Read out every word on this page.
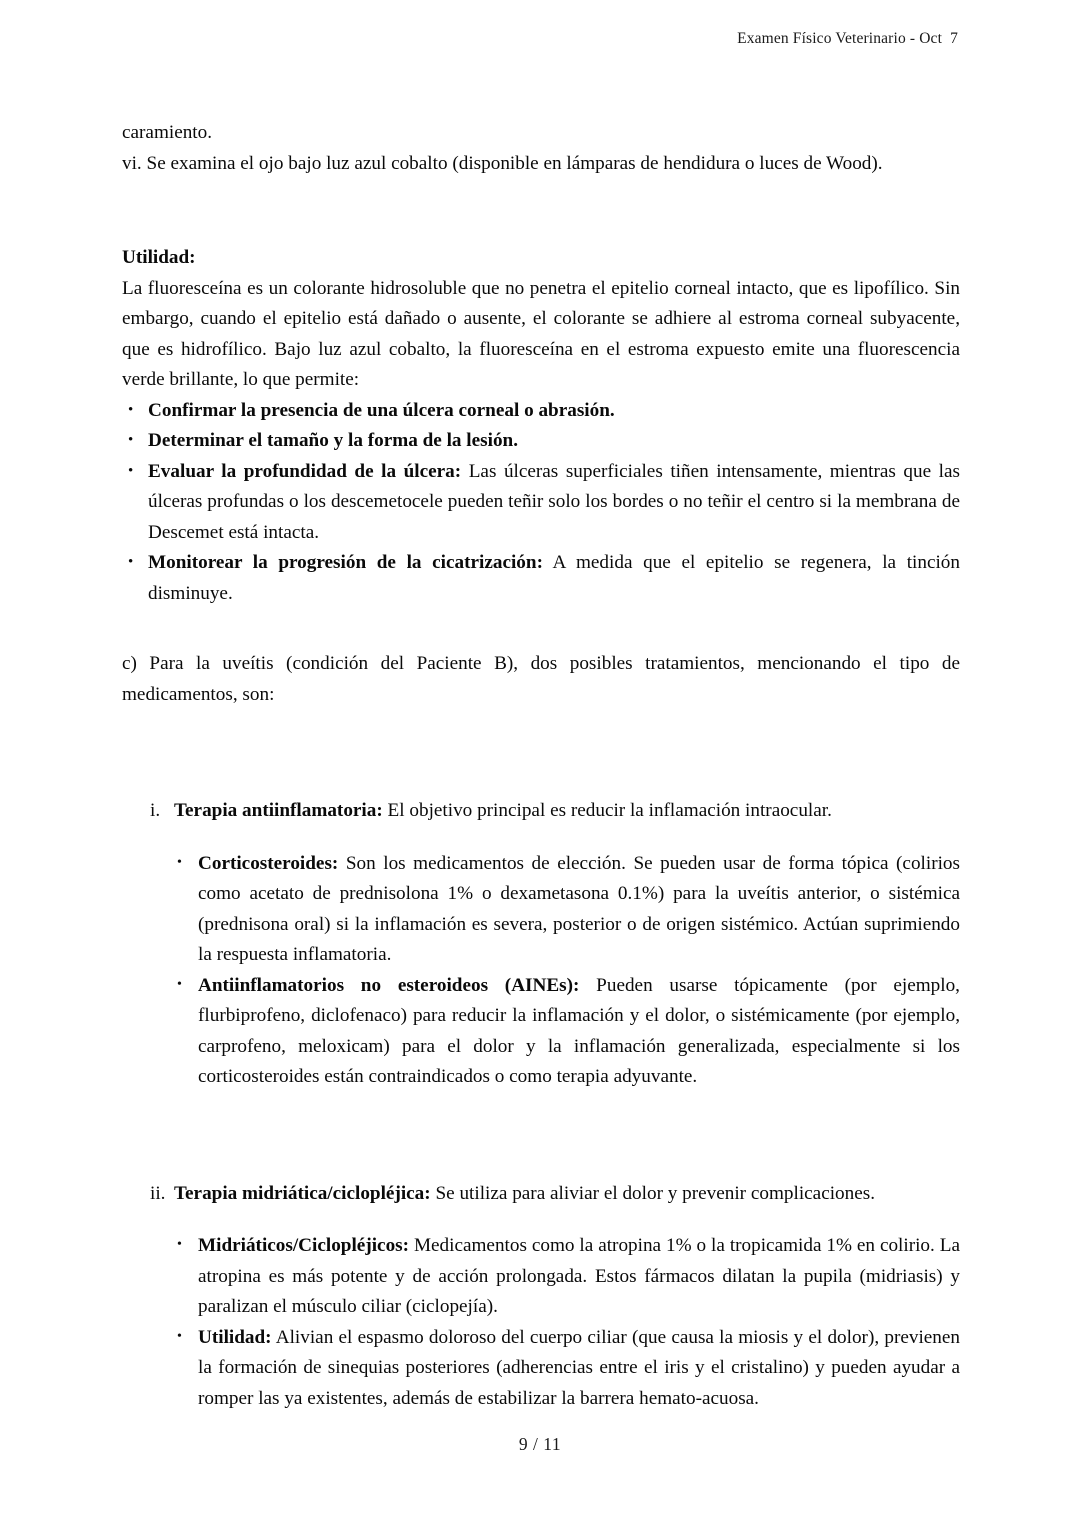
Examen Físico Veterinario - Oct  7

caramiento.

vi. Se examina el ojo bajo luz azul cobalto (disponible en lámparas de hendidura o luces de Wood).

Utilidad:

La fluoresceína es un colorante hidrosoluble que no penetra el epitelio corneal intacto, que es lipofílico. Sin embargo, cuando el epitelio está dañado o ausente, el colorante se adhiere al estroma corneal subyacente, que es hidrofílico. Bajo luz azul cobalto, la fluoresceína en el estroma expuesto emite una fluorescencia verde brillante, lo que permite:

• Confirmar la presencia de una úlcera corneal o abrasión.
• Determinar el tamaño y la forma de la lesión.
• Evaluar la profundidad de la úlcera: Las úlceras superficiales tiñen intensamente, mientras que las úlceras profundas o los descemetocele pueden teñir solo los bordes o no teñir el centro si la membrana de Descemet está intacta.
• Monitorear la progresión de la cicatrización: A medida que el epitelio se regenera, la tinción disminuye.

c) Para la uveítis (condición del Paciente B), dos posibles tratamientos, mencionando el tipo de medicamentos, son:

i. Terapia antiinflamatoria: El objetivo principal es reducir la inflamación intraocular.
• Corticosteroides: Son los medicamentos de elección. Se pueden usar de forma tópica (colirios como acetato de prednisolona 1% o dexametasona 0.1%) para la uveítis anterior, o sistémica (prednisona oral) si la inflamación es severa, posterior o de origen sistémico. Actúan suprimiendo la respuesta inflamatoria.
• Antiinflamatorios no esteroideos (AINEs): Pueden usarse tópicamente (por ejemplo, flurbiprofeno, diclofenaco) para reducir la inflamación y el dolor, o sistémicamente (por ejemplo, carprofeno, meloxicam) para el dolor y la inflamación generalizada, especialmente si los corticosteroides están contraindicados o como terapia adyuvante.
ii. Terapia midriática/ciclopléjica: Se utiliza para aliviar el dolor y prevenir complicaciones.
• Midriáticos/Ciclopléjicos: Medicamentos como la atropina 1% o la tropicamida 1% en colirio. La atropina es más potente y de acción prolongada. Estos fármacos dilatan la pupila (midriasis) y paralizan el músculo ciliar (ciclopejía).
• Utilidad: Alivian el espasmo doloroso del cuerpo ciliar (que causa la miosis y el dolor), previenen la formación de sinequias posteriores (adherencias entre el iris y el cristalino) y pueden ayudar a romper las ya existentes, además de estabilizar la barrera hemato-acuosa.
9 / 11
